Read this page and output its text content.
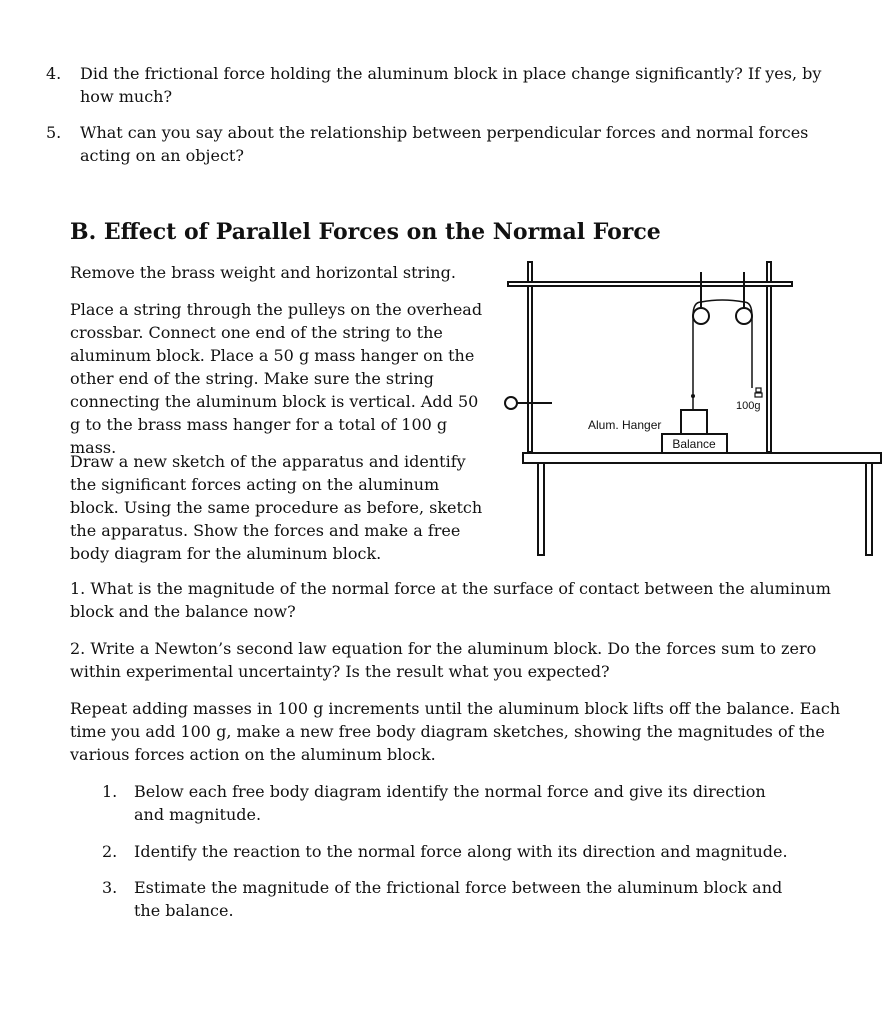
4. Did the frictional force holding the aluminum block in place change significantly? If yes, by how much?
5. What can you say about the relationship between perpendicular forces and normal forces acting on an object?
B. Effect of Parallel Forces on the Normal Force

Remove the brass weight and horizontal string.

Place a string through the pulleys on the overhead crossbar. Connect one end of the string to the aluminum block. Place a 50 g mass hanger on the other end of the string. Make sure the string connecting the aluminum block is vertical. Add 50 g to the brass mass hanger for a total of 100 g mass.

Draw a new sketch of the apparatus and identify the significant forces acting on the aluminum block. Using the same procedure as before, sketch the apparatus. Show the forces and make a free body diagram for the aluminum block.

1. What is the magnitude of the normal force at the surface of contact between the aluminum block and the balance now?

2. Write a Newton’s second law equation for the aluminum block. Do the forces sum to zero within experimental uncertainty? Is the result what you expected?

Repeat adding masses in 100 g increments until the aluminum block lifts off the balance. Each time you add 100 g, make a new free body diagram sketches, showing the magnitudes of the various forces action on the aluminum block.

1. Below each free body diagram identify the normal force and give its direction and magnitude.
2. Identify the reaction to the normal force along with its direction and magnitude.
3. Estimate the magnitude of the frictional force between the aluminum block and the balance.
100g
Alum. Hanger
Balance
